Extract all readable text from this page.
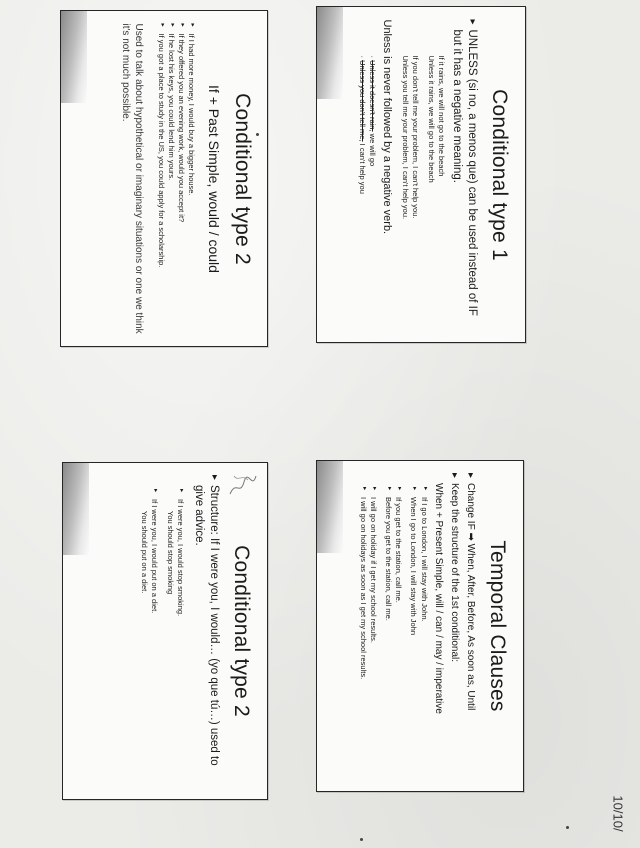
Conditional type 1
▸ UNLESS (si no, a menos que) can be used instead of IF but it has a negative meaning.
If it rains, we will not go to the beach
Unless it rains, we will go to the beach
If you don't tell me your problem, I can't help you.
Unless you tell me your problem, I can't help you.
Unless is never followed by a negative verb.
· Unless it doesn't rain, we will go
· Unless you don't tell me, I can't help you
Conditional type 2
If + Past Simple, would / could
▸ If I had more money, I would buy a bigger house.
▸ If they offered you an evening work, would you accept it?
▸ If he lost his keys, you could lend him yours.
▸ If you got a place to study in the US, you could apply for a scholarship.
Used to talk about hypothetical or imaginary situations or one we think it's not much possible.
Temporal Clauses
▸ Change IF ➡ When, After, Before, As soon as, Until
▸ Keep the structure of the 1st conditional:
When + Present Simple, will / can / may / imperative
▸ If I go to London, I will stay with John.
▸ When I go to London, I will stay with John
▸ If you get to the station, call me.
▸ Before you get to the station, call me.
▸ I will go on holiday if I get my school results.
▸ I will go on holidays as soon as I get my school results.
Conditional type 2
▸ Structure: If I were you, I would… (yo que tú…) used to give advice.
▸ If I were you, I would stop smoking.
You should stop smoking
▸ If I were you, I would put on a diet.
You should put on a diet.
10/10/
